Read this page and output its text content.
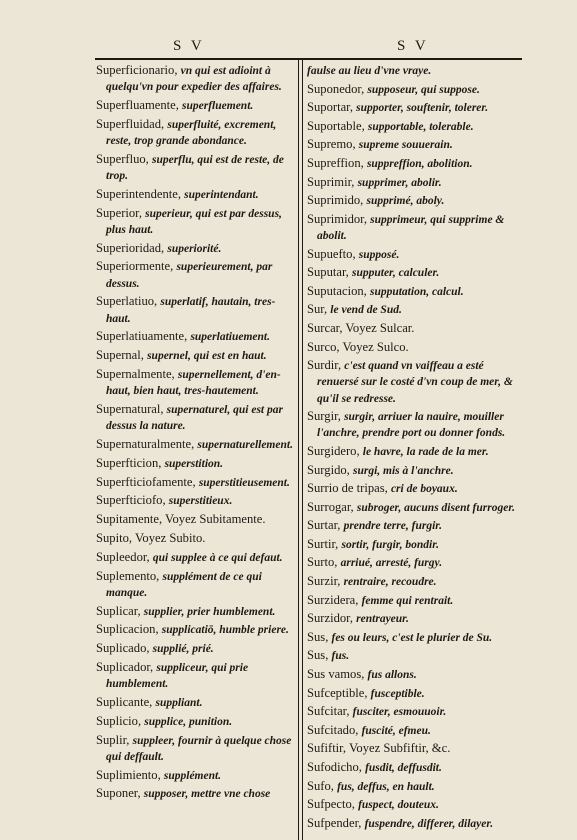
S V	S V

Superficionario, vn qui est adioint à quelqu'vn pour expedier des affaires.

Superfluamente, superfluement.

Superfluidad, superfluité, excrement, reste, trop grande abondance.

Superfluo, superflu, qui est de reste, de trop.

Superintendente, superintendant.

Superior, superieur, qui est par dessus, plus haut.

Superioridad, superiorité.

Superiormente, superieurement, par dessus.

Superlatiuo, superlatif, hautain, tres-haut.

Superlatiuamente, superlatiuement.

Supernal, supernel, qui est en haut.

Supernalmente, supernellement, d'en-haut, bien haut, tres-hautement.

Supernatural, supernaturel, qui est par dessus la nature.

Supernaturalmente, supernaturellement.

Superfticion, superstition.

Superfticiofamente, superstitieusement.

Superfticiofo, superstitieux.

Supitamente, Voyez Subitamente.

Supito, Voyez Subito.

Supleedor, qui supplee à ce qui defaut.

Suplemento, supplément de ce qui manque.

Suplicar, supplier, prier humblement.

Suplicacion, supplicatiō, humble priere.

Suplicado, supplié, prié.

Suplicador, suppliceur, qui prie humblement.

Suplicante, suppliant.

Suplicio, supplice, punition.

Suplir, suppleer, fournir à quelque chose qui deffault.

Suplimiento, supplément.

Suponer, supposer, mettre vne chose

faulse au lieu d'vne vraye.

Suponedor, supposeur, qui suppose.

Suportar, supporter, souftenir, tolerer.

Suportable, supportable, tolerable.

Supremo, supreme souuerain.

Supreffion, suppreffion, abolition.

Suprimir, supprimer, abolir.

Suprimido, supprimé, aboly.

Suprimidor, supprimeur, qui supprime & abolit.

Supuefto, supposé.

Suputar, supputer, calculer.

Suputacion, supputation, calcul.

Sur, le vend de Sud.

Surcar, Voyez Sulcar.

Surco, Voyez Sulco.

Surdir, c'est quand vn vaiffeau a esté renuersé sur le costé d'vn coup de mer, & qu'il se redresse.

Surgir, surgir, arriuer la nauire, mouiller l'anchre, prendre port ou donner fonds.

Surgidero, le havre, la rade de la mer.

Surgido, surgi, mis à l'anchre.

Surrio de tripas, cri de boyaux.

Surrogar, subroger, aucuns disent furroger.

Surtar, prendre terre, furgir.

Surtir, sortir, furgir, bondir.

Surto, arriué, arresté, furgy.

Surzir, rentraire, recoudre.

Surzidera, femme qui rentrait.

Surzidor, rentrayeur.

Sus, fes ou leurs, c'est le plurier de Su.

Sus, fus.

Sus vamos, fus allons.

Sufceptible, fusceptible.

Sufcitar, fusciter, esmouuoir.

Sufcitado, fuscité, efmeu.

Sufiftir, Voyez Subfiftir, &c.

Sufodicho, fusdit, deffusdit.

Sufo, fus, deffus, en hault.

Sufpecto, fuspect, douteux.

Sufpender, fuspendre, differer, dilayer.
